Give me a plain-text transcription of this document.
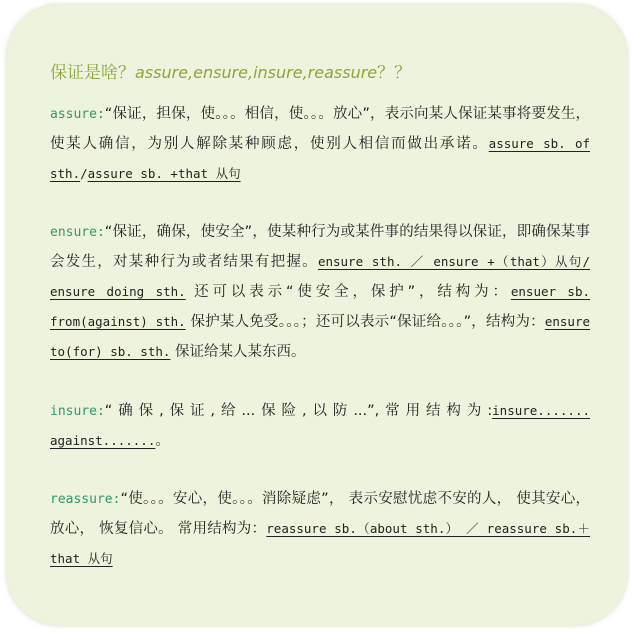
保证是啥？assure,ensure,insure,reassure？？

assure:“保证，担保，使。。。相信，使。。。放心”，表示向某人保证某事将要发生，使某人确信，为别人解除某种顾虑，使别人相信而做出承诺。assure sb. of sth./assure sb. +that 从句

ensure:“保证，确保，使安全”，使某种行为或某件事的结果得以保证，即确保某事会发生，对某种行为或者结果有把握。ensure sth. ／ ensure +（that）从句/ ensure doing sth. 还可以表示“使安全，保护”，结构为：ensuer sb. from(against) sth. 保护某人免受。。。；还可以表示“保证给。。。”，结构为：ensure to(for) sb. sth. 保证给某人某东西。

insure:“确保,保证,给...保险,以防...”,常用结构为:insure....... against.......。

reassure:“使。。。安心，使。。。消除疑虑”， 表示安慰忧虑不安的人， 使其安心， 放心， 恢复信心。 常用结构为：reassure sb.（about sth.） ／ reassure sb.＋ that 从句
